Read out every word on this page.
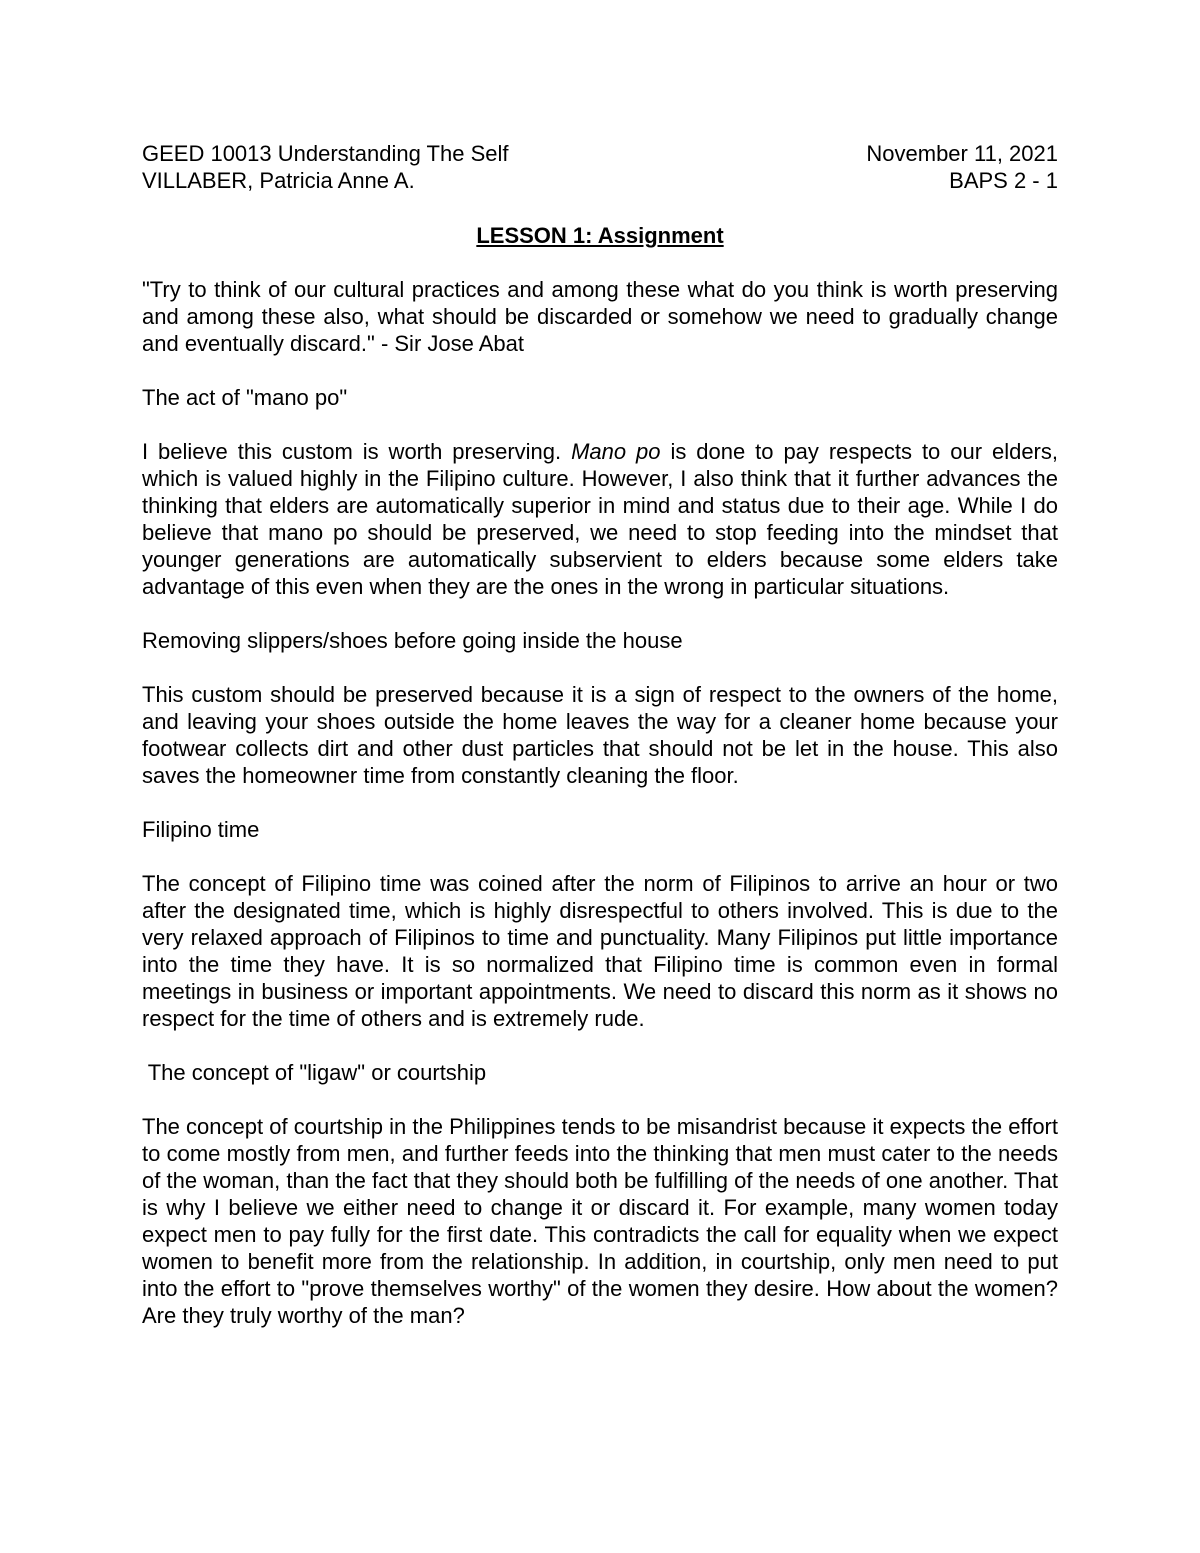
GEED 10013 Understanding The Self	November 11, 2021
VILLABER, Patricia Anne A.	BAPS 2 - 1
LESSON 1: Assignment

"Try to think of our cultural practices and among these what do you think is worth preserving and among these also, what should be discarded or somehow we need to gradually change and eventually discard." - Sir Jose Abat

The act of "mano po"

I believe this custom is worth preserving. Mano po is done to pay respects to our elders, which is valued highly in the Filipino culture. However, I also think that it further advances the thinking that elders are automatically superior in mind and status due to their age. While I do believe that mano po should be preserved, we need to stop feeding into the mindset that younger generations are automatically subservient to elders because some elders take advantage of this even when they are the ones in the wrong in particular situations.

Removing slippers/shoes before going inside the house

This custom should be preserved because it is a sign of respect to the owners of the home, and leaving your shoes outside the home leaves the way for a cleaner home because your footwear collects dirt and other dust particles that should not be let in the house. This also saves the homeowner time from constantly cleaning the floor.

Filipino time

The concept of Filipino time was coined after the norm of Filipinos to arrive an hour or two after the designated time, which is highly disrespectful to others involved. This is due to the very relaxed approach of Filipinos to time and punctuality. Many Filipinos put little importance into the time they have. It is so normalized that Filipino time is common even in formal meetings in business or important appointments. We need to discard this norm as it shows no respect for the time of others and is extremely rude.

The concept of "ligaw" or courtship

The concept of courtship in the Philippines tends to be misandrist because it expects the effort to come mostly from men, and further feeds into the thinking that men must cater to the needs of the woman, than the fact that they should both be fulfilling of the needs of one another. That is why I believe we either need to change it or discard it. For example, many women today expect men to pay fully for the first date. This contradicts the call for equality when we expect women to benefit more from the relationship. In addition, in courtship, only men need to put into the effort to "prove themselves worthy" of the women they desire. How about the women? Are they truly worthy of the man?
